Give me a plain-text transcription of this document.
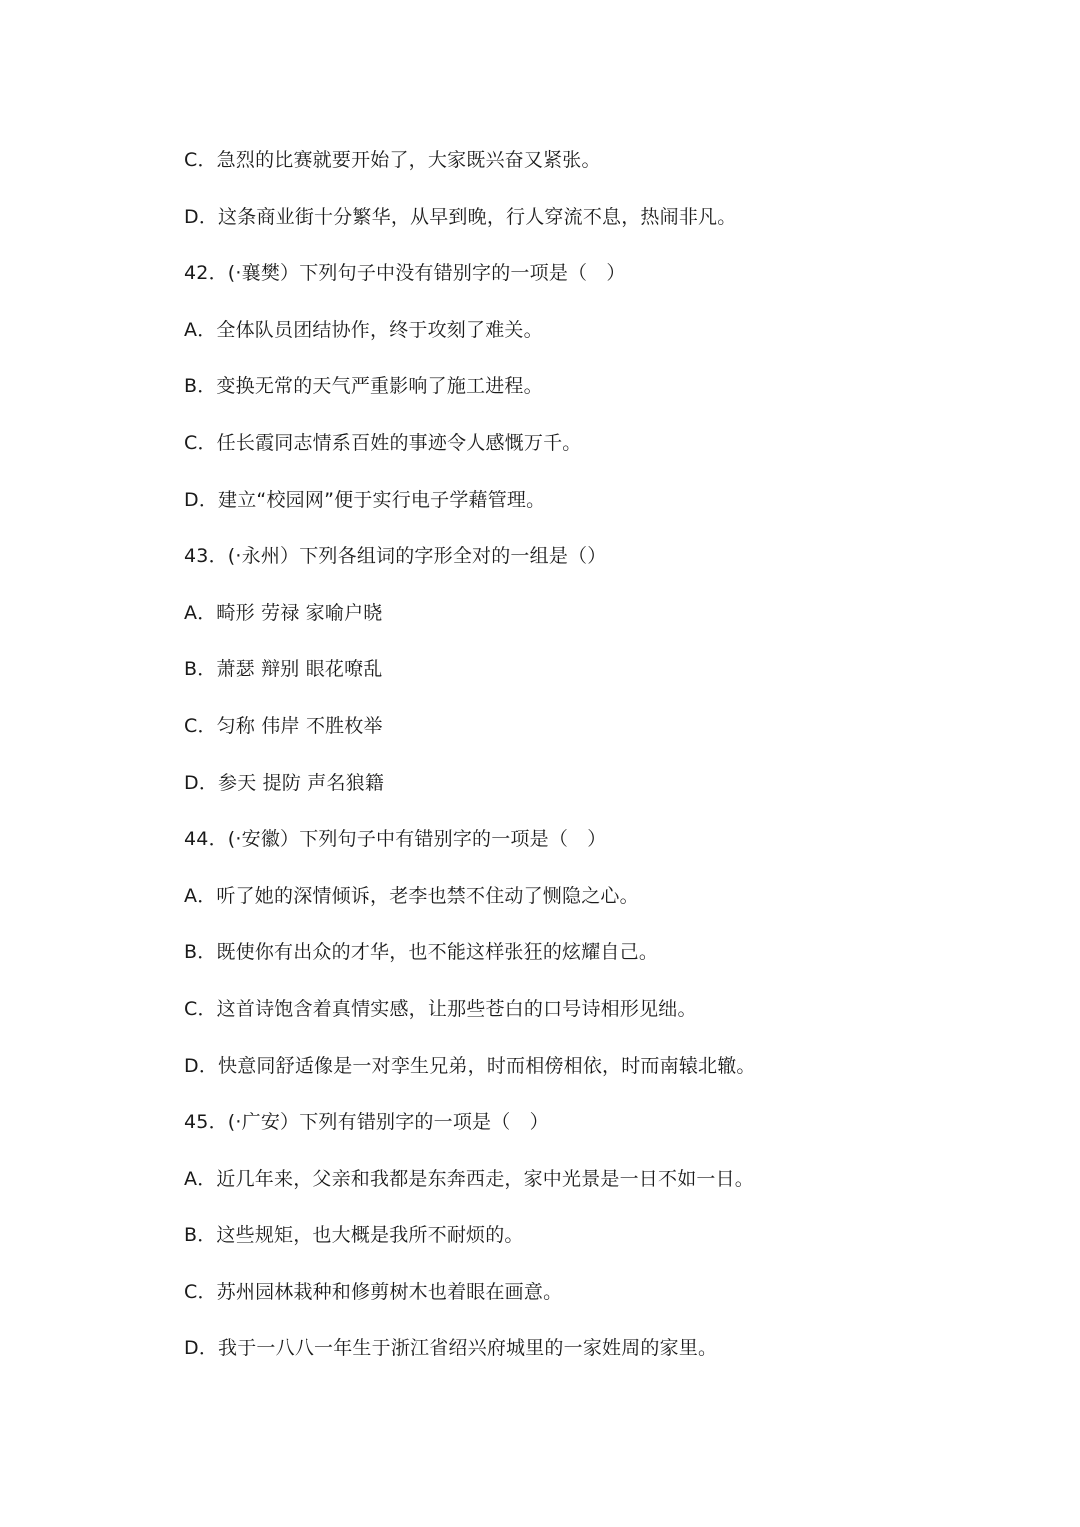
C．急烈的比赛就要开始了，大家既兴奋又紧张。
D．这条商业街十分繁华，从早到晚，行人穿流不息，热闹非凡。
42．(·襄樊）下列句子中没有错别字的一项是（　）
A．全体队员团结协作，终于攻刻了难关。
B．变换无常的天气严重影响了施工进程。
C．任长霞同志情系百姓的事迹令人感慨万千。
D．建立“校园网”便于实行电子学藉管理。
43．(·永州）下列各组词的字形全对的一组是（）
A．畸形 劳禄 家喻户晓
B．萧瑟 辩别 眼花嘹乱
C．匀称 伟岸 不胜枚举
D．参天 提防 声名狼籍
44．(·安徽）下列句子中有错别字的一项是（　）
A．听了她的深情倾诉，老李也禁不住动了恻隐之心。
B．既使你有出众的才华，也不能这样张狂的炫耀自己。
C．这首诗饱含着真情实感，让那些苍白的口号诗相形见绌。
D．快意同舒适像是一对孪生兄弟，时而相傍相依，时而南辕北辙。
45．(·广安）下列有错别字的一项是（　）
A．近几年来，父亲和我都是东奔西走，家中光景是一日不如一日。
B．这些规矩，也大概是我所不耐烦的。
C．苏州园林栽种和修剪树木也着眼在画意。
D．我于一八八一年生于浙江省绍兴府城里的一家姓周的家里。
